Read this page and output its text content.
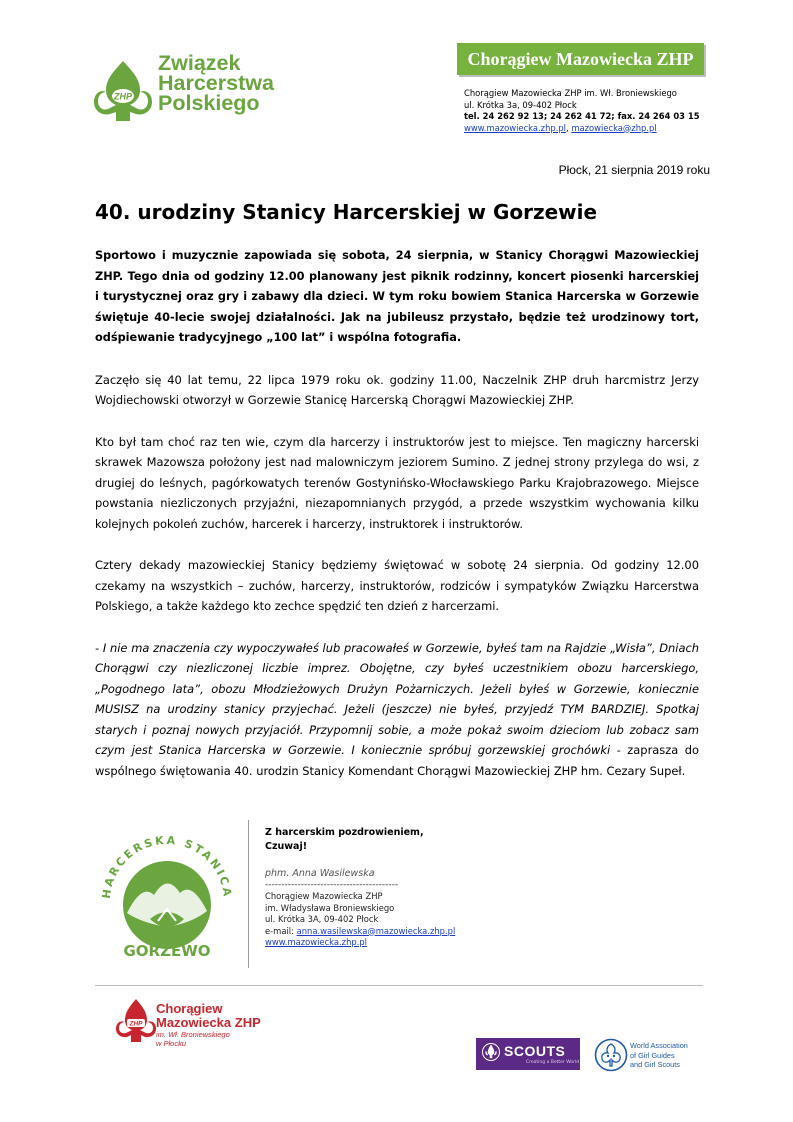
ZHP
Związek
Harcerstwa
Polskiego
Chorągiew Mazowiecka ZHP
Chorągiew Mazowiecka ZHP im. Wł. Broniewskiego
ul. Krótka 3a, 09-402 Płock
tel. 24 262 92 13; 24 262 41 72; fax. 24 264 03 15
www.mazowiecka.zhp.pl, mazowiecka@zhp.pl
Płock, 21 sierpnia 2019 roku
40. urodziny Stanicy Harcerskiej w Gorzewie

Sportowo i muzycznie zapowiada się sobota, 24 sierpnia, w Stanicy Chorągwi Mazowieckiej ZHP. Tego dnia od godziny 12.00 planowany jest piknik rodzinny, koncert piosenki harcerskiej i turystycznej oraz gry i zabawy dla dzieci. W tym roku bowiem Stanica Harcerska w Gorzewie świętuje 40-lecie swojej działalności. Jak na jubileusz przystało, będzie też urodzinowy tort, odśpiewanie tradycyjnego „100 lat” i wspólna fotografia.

Zaczęło się 40 lat temu, 22 lipca 1979 roku ok. godziny 11.00, Naczelnik ZHP druh harcmistrz Jerzy Wojdiechowski otworzył w Gorzewie Stanicę Harcerską Chorągwi Mazowieckiej ZHP.

Kto był tam choć raz ten wie, czym dla harcerzy i instruktorów jest to miejsce. Ten magiczny harcerski skrawek Mazowsza położony jest nad malowniczym jeziorem Sumino. Z jednej strony przylega do wsi, z drugiej do leśnych, pagórkowatych terenów Gostynińsko-Włocławskiego Parku Krajobrazowego. Miejsce powstania niezliczonych przyjaźni, niezapomnianych przygód, a przede wszystkim wychowania kilku kolejnych pokoleń zuchów, harcerek i harcerzy, instruktorek i instruktorów.

Cztery dekady mazowieckiej Stanicy będziemy świętować w sobotę 24 sierpnia. Od godziny 12.00 czekamy na wszystkich – zuchów, harcerzy, instruktorów, rodziców i sympatyków Związku Harcerstwa Polskiego, a także każdego kto zechce spędzić ten dzień z harcerzami.

- I nie ma znaczenia czy wypoczywałeś lub pracowałeś w Gorzewie, byłeś tam na Rajdzie „Wisła”, Dniach Chorągwi czy niezliczonej liczbie imprez. Obojętne, czy byłeś uczestnikiem obozu harcerskiego, „Pogodnego lata”, obozu Młodzieżowych Drużyn Pożarniczych. Jeżeli byłeś w Gorzewie, koniecznie MUSISZ na urodziny stanicy przyjechać. Jeżeli (jeszcze) nie byłeś, przyjedź TYM BARDZIEJ. Spotkaj starych i poznaj nowych przyjaciół. Przypomnij sobie, a może pokaż swoim dzieciom lub zobacz sam czym jest Stanica Harcerska w Gorzewie. I koniecznie spróbuj gorzewskiej grochówki - zaprasza do wspólnego świętowania 40. urodzin Stanicy Komendant Chorągwi Mazowieckiej ZHP hm. Cezary Supeł.

HARCERSKA STANICA
GORZEWO
Z harcerskim pozdrowieniem,
Czuwaj!
phm. Anna Wasilewska
-----------------------------------------
Chorągiew Mazowiecka ZHP
im. Władysława Broniewskiego
ul. Krótka 3A, 09-402 Płock
e-mail: anna.wasilewska@mazowiecka.zhp.pl
www.mazowiecka.zhp.pl
ZHP
Chorągiew
Mazowiecka ZHP
im. Wł. Broniewskiego
w Płocku	SCOUTS
Creating a Better World
World Association
of Girl Guides
and Girl Scouts
